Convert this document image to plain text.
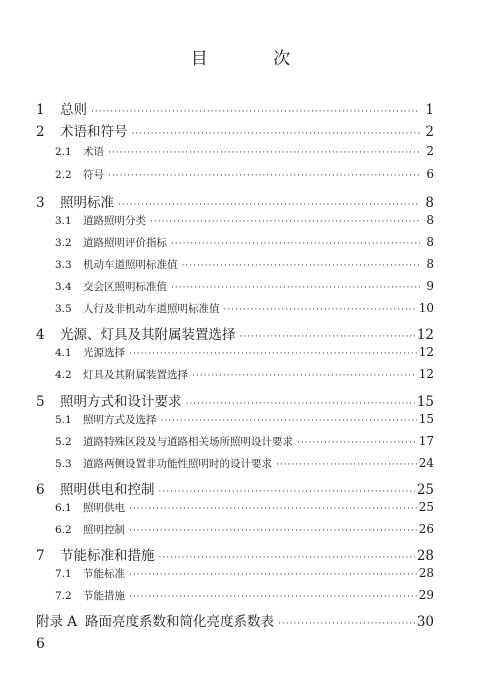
目 次
1	总则 ·····	1
2	术语和符号 ·····	2
2.1	术语 ·····	2
2.2	符号 ·····	6
3	照明标准 ·····	8
3.1	道路照明分类 ·····	8
3.2	道路照明评价指标 ·····	8
3.3	机动车道照明标准值 ·····	8
3.4	交会区照明标准值 ·····	9
3.5	人行及非机动车道照明标准值 ·····	10
4	光源、灯具及其附属装置选择 ·····	12
4.1	光源选择 ·····	12
4.2	灯具及其附属装置选择 ·····	12
5	照明方式和设计要求 ·····	15
5.1	照明方式及选择 ·····	15
5.2	道路特殊区段及与道路相关场所照明设计要求 ·····	17
5.3	道路两侧设置非功能性照明时的设计要求 ·····	24
6	照明供电和控制 ·····	25
6.1	照明供电 ·····	25
6.2	照明控制 ·····	26
7	节能标准和措施 ·····	28
7.1	节能标准 ·····	28
7.2	节能措施 ·····	29
附录 A 路面亮度系数和简化亮度系数表 ·····	30
6
